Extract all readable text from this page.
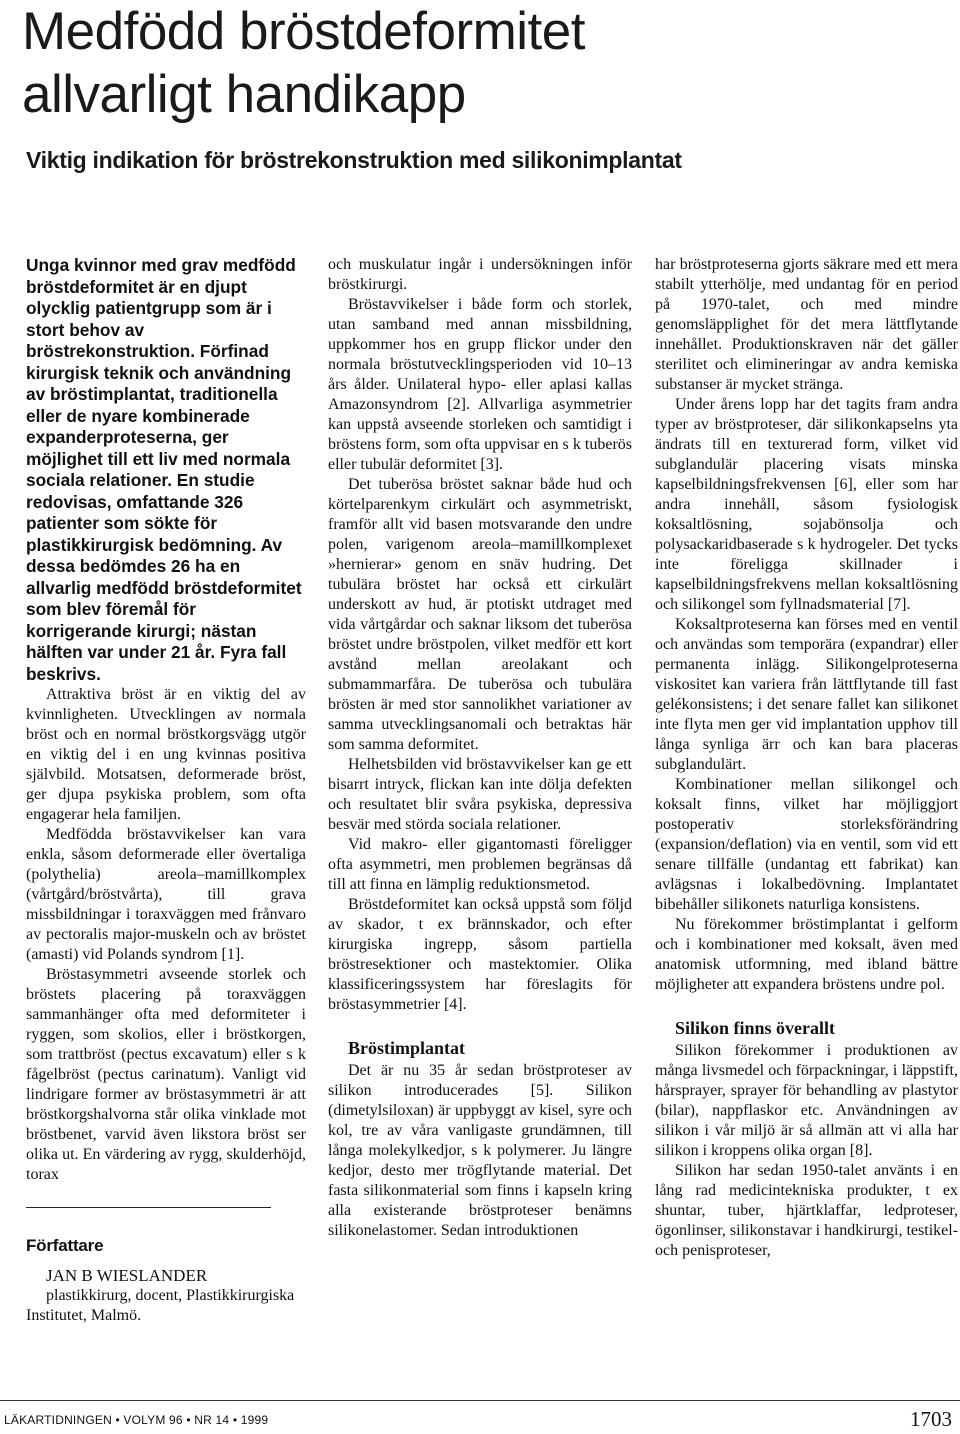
Medfödd bröstdeformitet
allvarligt handikapp
Viktig indikation för bröstrekonstruktion med silikonimplantat

Unga kvinnor med grav medfödd bröstdeformitet är en djupt olycklig patientgrupp som är i stort behov av bröstrekonstruktion. Förfinad kirurgisk teknik och användning av bröstimplantat, traditionella eller de nyare kombinerade expanderproteserna, ger möjlighet till ett liv med normala sociala relationer. En studie redovisas, omfattande 326 patienter som sökte för plastikkirurgisk bedömning. Av dessa bedömdes 26 ha en allvarlig medfödd bröstdeformitet som blev föremål för korrigerande kirurgi; nästan hälften var under 21 år. Fyra fall beskrivs.

Attraktiva bröst är en viktig del av kvinnligheten. Utvecklingen av normala bröst och en normal bröstkorgsvägg utgör en viktig del i en ung kvinnas positiva självbild. Motsatsen, deformerade bröst, ger djupa psykiska problem, som ofta engagerar hela familjen.

Medfödda bröstavvikelser kan vara enkla, såsom deformerade eller övertaliga (polythelia) areola–mamillkomplex (vårtgård/bröstvårta), till grava missbildningar i toraxväggen med frånvaro av pectoralis major-muskeln och av bröstet (amasti) vid Polands syndrom [1].

Bröstasymmetri avseende storlek och bröstets placering på toraxväggen sammanhänger ofta med deformiteter i ryggen, som skolios, eller i bröstkorgen, som trattbröst (pectus excavatum) eller s k fågelbröst (pectus carinatum). Vanligt vid lindrigare former av bröstasymmetri är att bröstkorgshalvorna står olika vinklade mot bröstbenet, varvid även likstora bröst ser olika ut. En värdering av rygg, skulderhöjd, torax

Författare

JAN B WIESLANDER

plastikkirurg, docent, Plastikkirurgiska Institutet, Malmö.

och muskulatur ingår i undersökningen inför bröstkirurgi.

Bröstavvikelser i både form och storlek, utan samband med annan missbildning, uppkommer hos en grupp flickor under den normala bröstutvecklingsperioden vid 10–13 års ålder. Unilateral hypo- eller aplasi kallas Amazonsyndrom [2]. Allvarliga asymmetrier kan uppstå avseende storleken och samtidigt i bröstens form, som ofta uppvisar en s k tuberös eller tubulär deformitet [3].

Det tuberösa bröstet saknar både hud och körtelparenkym cirkulärt och asymmetriskt, framför allt vid basen motsvarande den undre polen, varigenom areola–mamillkomplexet »hernierar» genom en snäv hudring. Det tubulära bröstet har också ett cirkulärt underskott av hud, är ptotiskt utdraget med vida vårtgårdar och saknar liksom det tuberösa bröstet undre bröstpolen, vilket medför ett kort avstånd mellan areolakant och submammarfåra. De tuberösa och tubulära brösten är med stor sannolikhet variationer av samma utvecklingsanomali och betraktas här som samma deformitet.

Helhetsbilden vid bröstavvikelser kan ge ett bisarrt intryck, flickan kan inte dölja defekten och resultatet blir svåra psykiska, depressiva besvär med störda sociala relationer.

Vid makro- eller gigantomasti föreligger ofta asymmetri, men problemen begränsas då till att finna en lämplig reduktionsmetod.

Bröstdeformitet kan också uppstå som följd av skador, t ex brännskador, och efter kirurgiska ingrepp, såsom partiella bröstresektioner och mastektomier. Olika klassificeringssystem har föreslagits för bröstasymmetrier [4].

Bröstimplantat

Det är nu 35 år sedan bröstproteser av silikon introducerades [5]. Silikon (dimetylsiloxan) är uppbyggt av kisel, syre och kol, tre av våra vanligaste grundämnen, till långa molekylkedjor, s k polymerer. Ju längre kedjor, desto mer trögflytande material. Det fasta silikonmaterial som finns i kapseln kring alla existerande bröstproteser benämns silikonelastomer. Sedan introduktionen

har bröstproteserna gjorts säkrare med ett mera stabilt ytterhölje, med undantag för en period på 1970-talet, och med mindre genomsläpplighet för det mera lättflytande innehållet. Produktionskraven när det gäller sterilitet och elimineringar av andra kemiska substanser är mycket stränga.

Under årens lopp har det tagits fram andra typer av bröstproteser, där silikonkapselns yta ändrats till en texturerad form, vilket vid subglandulär placering visats minska kapselbildningsfrekvensen [6], eller som har andra innehåll, såsom fysiologisk koksaltlösning, sojabönsolja och polysackaridbaserade s k hydrogeler. Det tycks inte föreligga skillnader i kapselbildningsfrekvens mellan koksaltlösning och silikongel som fyllnadsmaterial [7].

Koksaltproteserna kan förses med en ventil och användas som temporära (expandrar) eller permanenta inlägg. Silikongelproteserna viskositet kan variera från lättflytande till fast gelékonsistens; i det senare fallet kan silikonet inte flyta men ger vid implantation upphov till långa synliga ärr och kan bara placeras subglandulärt.

Kombinationer mellan silikongel och koksalt finns, vilket har möjliggjort postoperativ storleksförändring (expansion/deflation) via en ventil, som vid ett senare tillfälle (undantag ett fabrikat) kan avlägsnas i lokalbedövning. Implantatet bibehåller silikonets naturliga konsistens.

Nu förekommer bröstimplantat i gelform och i kombinationer med koksalt, även med anatomisk utformning, med ibland bättre möjligheter att expandera bröstens undre pol.

Silikon finns överallt

Silikon förekommer i produktionen av många livsmedel och förpackningar, i läppstift, hårsprayer, sprayer för behandling av plastytor (bilar), nappflaskor etc. Användningen av silikon i vår miljö är så allmän att vi alla har silikon i kroppens olika organ [8].

Silikon har sedan 1950-talet använts i en lång rad medicintekniska produkter, t ex shuntar, tuber, hjärtklaffar, ledproteser, ögonlinser, silikonstavar i handkirurgi, testikel- och penisproteser,

LÄKARTIDNINGEN • VOLYM 96 • NR 14 • 1999	1703
